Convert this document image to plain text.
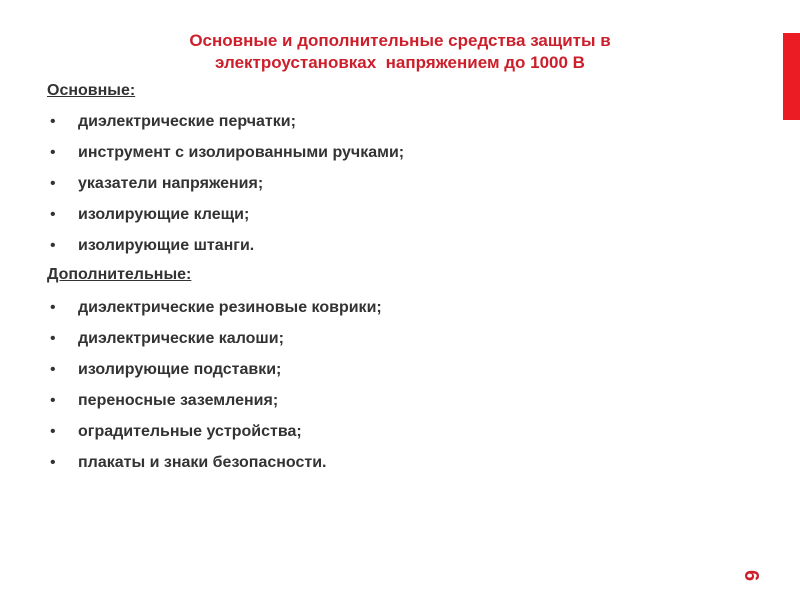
Основные и дополнительные средства защиты в
электроустановках  напряжением до 1000 В
Основные:
• диэлектрические перчатки;
• инструмент с изолированными ручками;
• указатели напряжения;
• изолирующие клещи;
• изолирующие штанги.
Дополнительные:
• диэлектрические резиновые коврики;
• диэлектрические калоши;
• изолирующие подставки;
• переносные заземления;
• оградительные устройства;
• плакаты и знаки безопасности.
6
